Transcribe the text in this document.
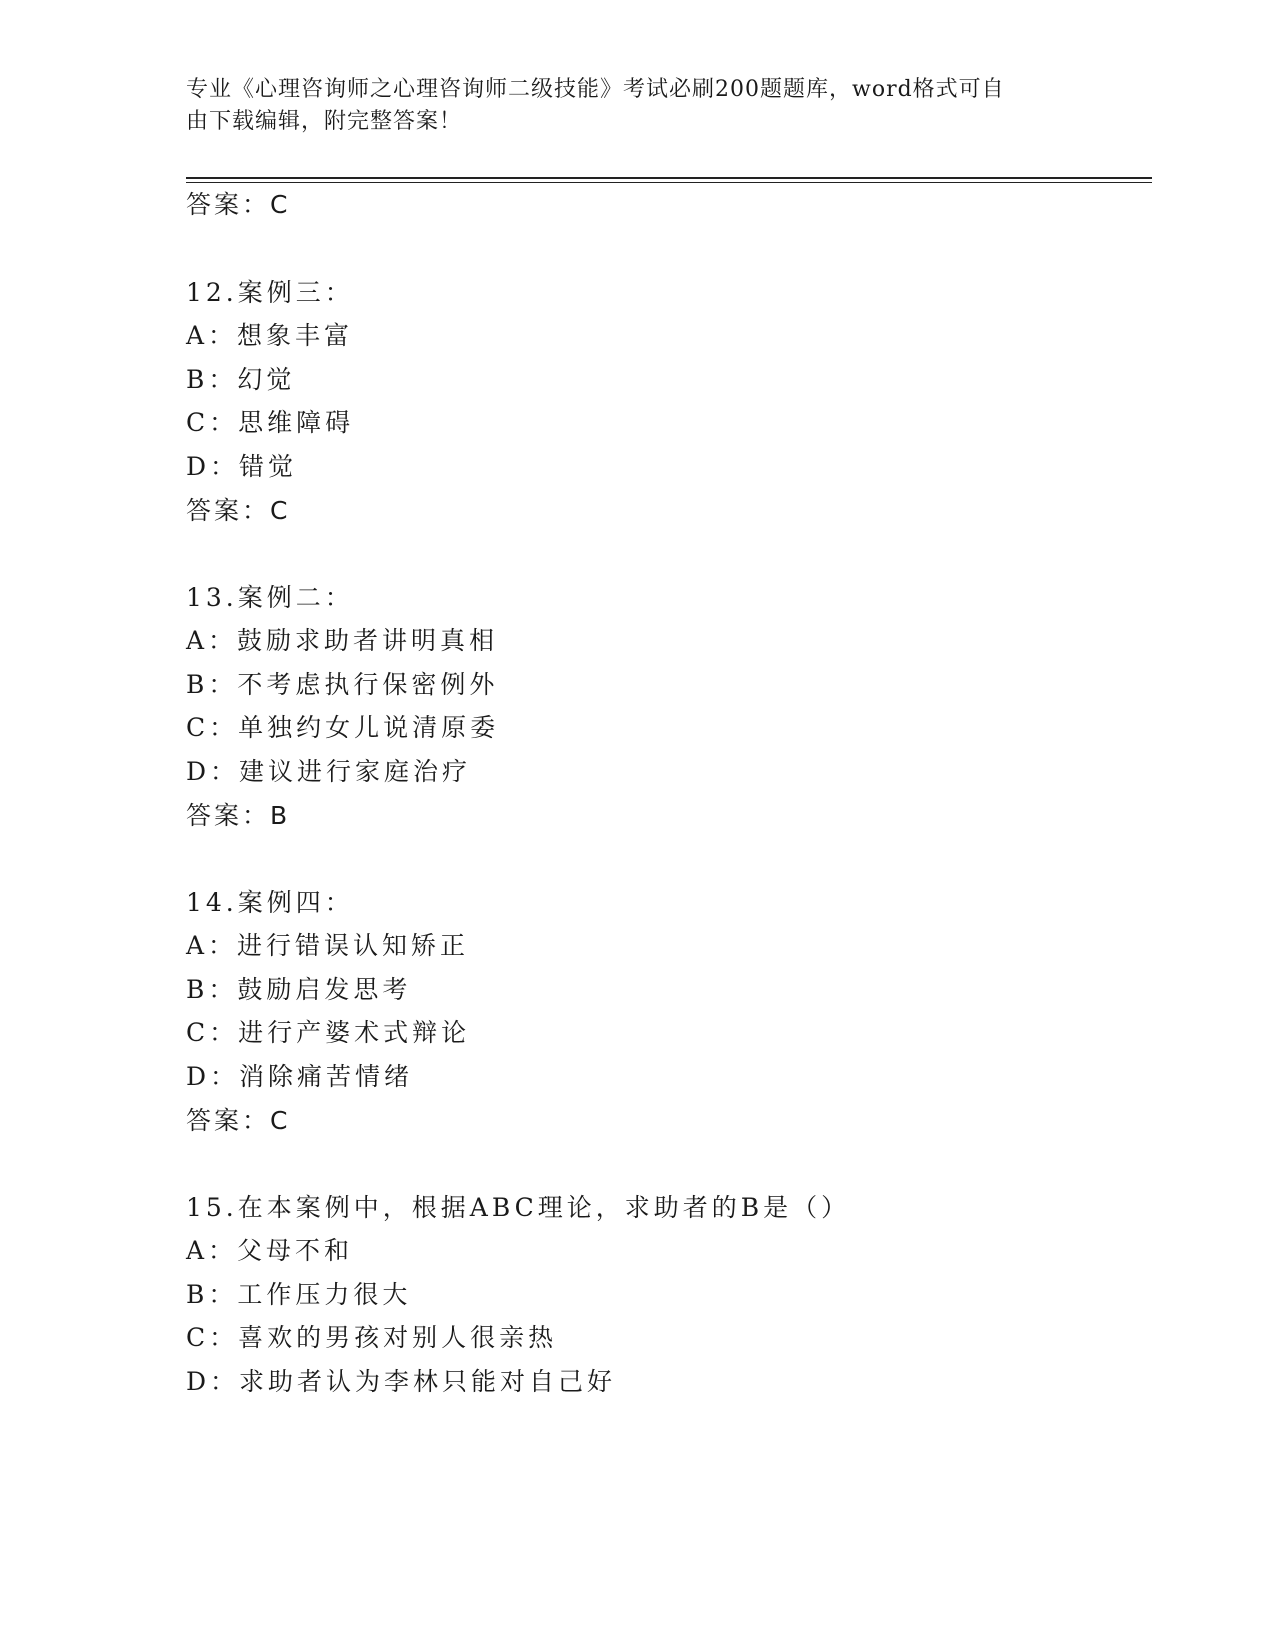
专业《心理咨询师之心理咨询师二级技能》考试必刷200题题库，word格式可自
由下载编辑，附完整答案！
答案：C
12.案例三：
A：想象丰富
B：幻觉
C：思维障碍
D：错觉
答案：C
13.案例二：
A：鼓励求助者讲明真相
B：不考虑执行保密例外
C：单独约女儿说清原委
D：建议进行家庭治疗
答案：B
14.案例四：
A：进行错误认知矫正
B：鼓励启发思考
C：进行产婆术式辩论
D：消除痛苦情绪
答案：C
15.在本案例中，根据ABC理论，求助者的B是（）
A：父母不和
B：工作压力很大
C：喜欢的男孩对别人很亲热
D：求助者认为李林只能对自己好
